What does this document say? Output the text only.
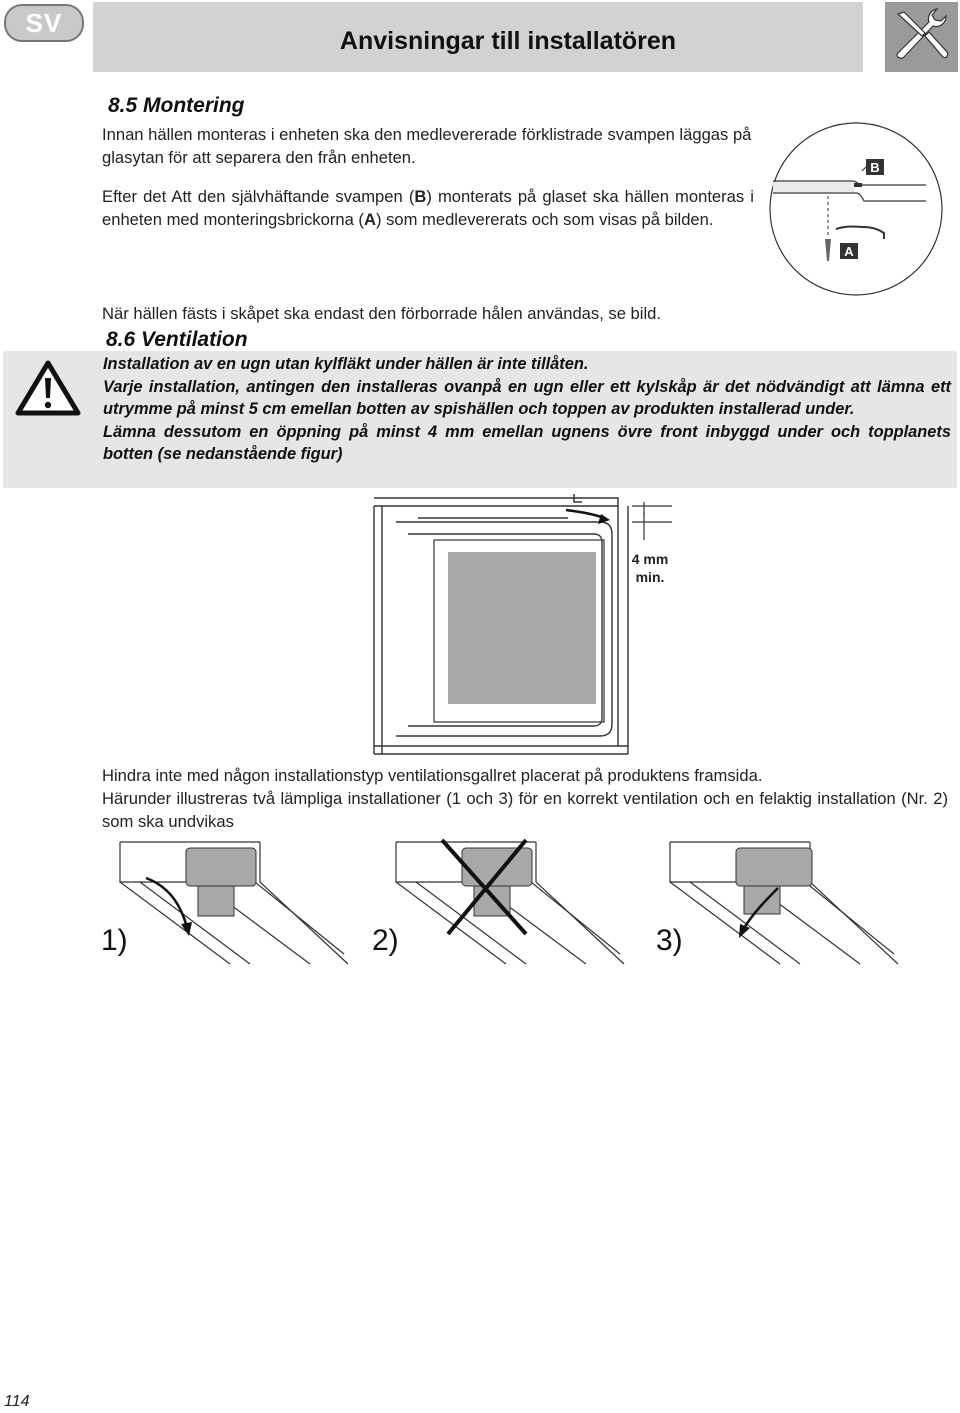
SV
Anvisningar till installatören
8.5 Montering
Innan hällen monteras i enheten ska den medlevererade förklistrade svampen läggas på glasytan för att separera den från enheten.
Efter det Att den självhäftande svampen (B) monterats på glaset ska hällen monteras i enheten med monteringsbrickorna (A) som medlevererats och som visas på bilden.
När hällen fästs i skåpet ska endast den förborrade hålen användas, se bild.
B
A
8.6 Ventilation
Installation av en ugn utan kylfläkt under hällen är inte tillåten.
Varje installation, antingen den installeras ovanpå en ugn eller ett kylskåp är det nödvändigt att lämna ett utrymme på minst 5 cm emellan botten av spishällen och toppen av produkten installerad under.
Lämna dessutom en öppning på minst 4 mm emellan ugnens övre front inbyggd under och topplanets botten (se nedanstående figur)
4 mm
min.
Hindra inte med någon installationstyp ventilationsgallret placerat på produktens framsida.
Härunder illustreras två lämpliga installationer (1 och 3) för en korrekt ventilation och en felaktig installation (Nr. 2) som ska undvikas
1)	2)	3)
114
